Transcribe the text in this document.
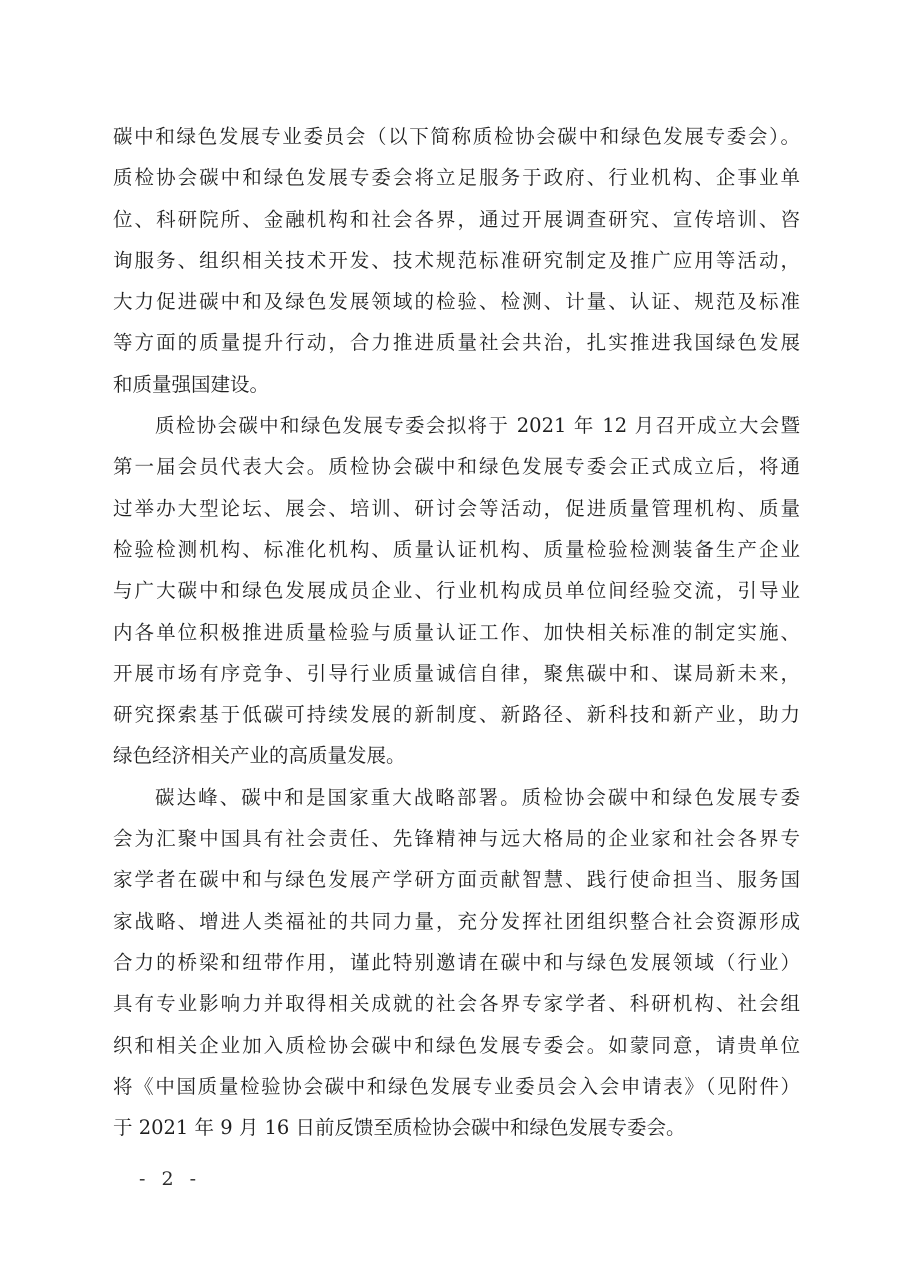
碳中和绿色发展专业委员会（以下简称质检协会碳中和绿色发展专委会）。
质检协会碳中和绿色发展专委会将立足服务于政府、行业机构、企事业单
位、科研院所、金融机构和社会各界，通过开展调查研究、宣传培训、咨
询服务、组织相关技术开发、技术规范标准研究制定及推广应用等活动，
大力促进碳中和及绿色发展领域的检验、检测、计量、认证、规范及标准
等方面的质量提升行动，合力推进质量社会共治，扎实推进我国绿色发展
和质量强国建设。
质检协会碳中和绿色发展专委会拟将于 2021 年 12 月召开成立大会暨
第一届会员代表大会。质检协会碳中和绿色发展专委会正式成立后，将通
过举办大型论坛、展会、培训、研讨会等活动，促进质量管理机构、质量
检验检测机构、标准化机构、质量认证机构、质量检验检测装备生产企业
与广大碳中和绿色发展成员企业、行业机构成员单位间经验交流，引导业
内各单位积极推进质量检验与质量认证工作、加快相关标准的制定实施、
开展市场有序竞争、引导行业质量诚信自律，聚焦碳中和、谋局新未来，
研究探索基于低碳可持续发展的新制度、新路径、新科技和新产业，助力
绿色经济相关产业的高质量发展。
碳达峰、碳中和是国家重大战略部署。质检协会碳中和绿色发展专委
会为汇聚中国具有社会责任、先锋精神与远大格局的企业家和社会各界专
家学者在碳中和与绿色发展产学研方面贡献智慧、践行使命担当、服务国
家战略、增进人类福祉的共同力量，充分发挥社团组织整合社会资源形成
合力的桥梁和纽带作用，谨此特别邀请在碳中和与绿色发展领域（行业）
具有专业影响力并取得相关成就的社会各界专家学者、科研机构、社会组
织和相关企业加入质检协会碳中和绿色发展专委会。如蒙同意，请贵单位
将《中国质量检验协会碳中和绿色发展专业委员会入会申请表》（见附件）
于 2021 年 9 月 16 日前反馈至质检协会碳中和绿色发展专委会。
- 2 -
